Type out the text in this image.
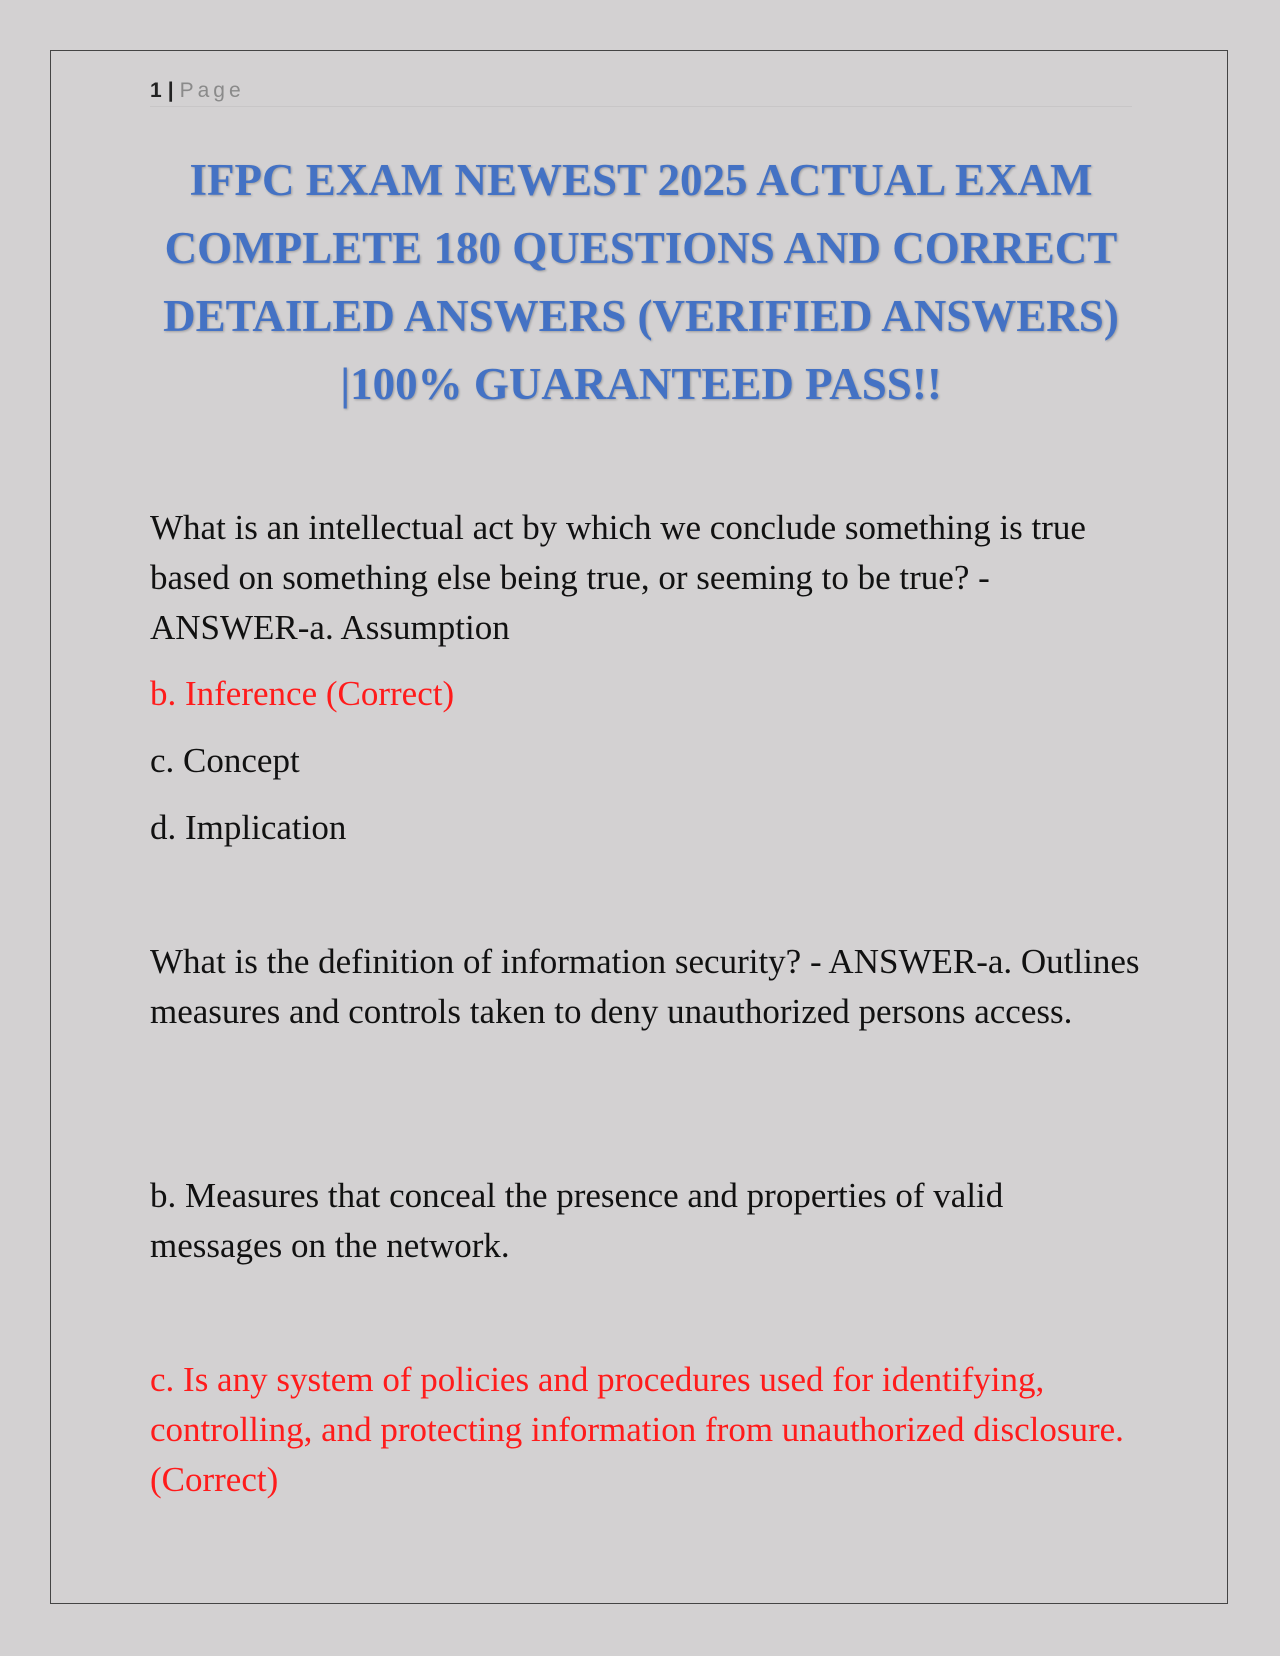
1 | Page
IFPC EXAM NEWEST 2025 ACTUAL EXAM COMPLETE 180 QUESTIONS AND CORRECT DETAILED ANSWERS (VERIFIED ANSWERS) |100% GUARANTEED PASS!!
What is an intellectual act by which we conclude something is true based on something else being true, or seeming to be true? - ANSWER-a. Assumption
b. Inference (Correct)
c. Concept
d. Implication
What is the definition of information security? - ANSWER-a. Outlines measures and controls taken to deny unauthorized persons access.
b. Measures that conceal the presence and properties of valid messages on the network.
c. Is any system of policies and procedures used for identifying, controlling, and protecting information from unauthorized disclosure. (Correct)
